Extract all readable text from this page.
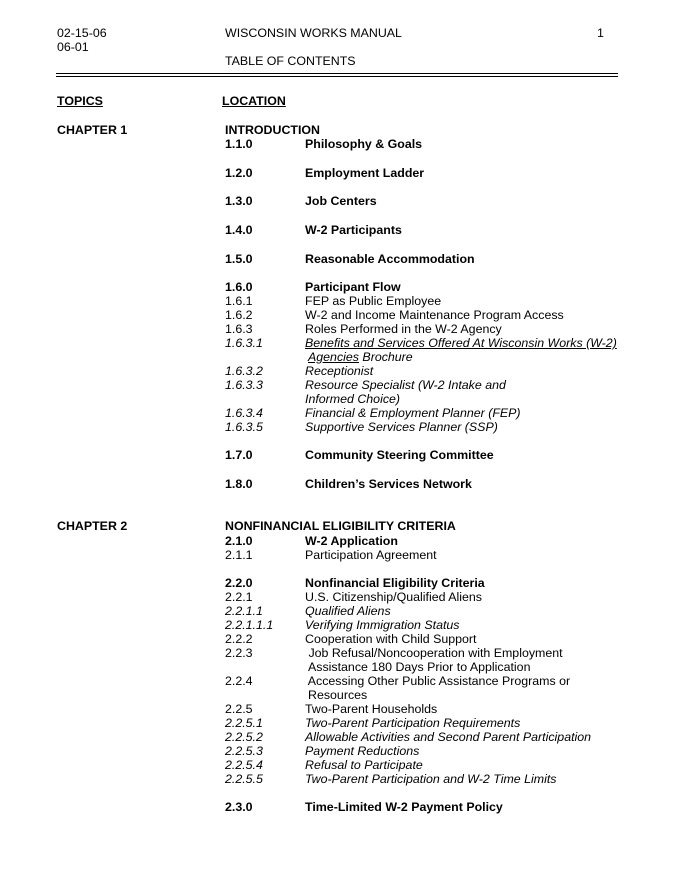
02-15-06
06-01
WISCONSIN WORKS MANUAL	1
TABLE OF CONTENTS
TOPICS	LOCATION
CHAPTER 1	INTRODUCTION
1.1.0	Philosophy & Goals
1.2.0	Employment Ladder
1.3.0	Job Centers
1.4.0	W-2 Participants
1.5.0	Reasonable Accommodation
1.6.0	Participant Flow
1.6.1	FEP as Public Employee
1.6.2	W-2 and Income Maintenance Program Access
1.6.3	Roles Performed in the W-2 Agency
1.6.3.1	Benefits and Services Offered At Wisconsin Works (W-2)
Agencies Brochure
1.6.3.2	Receptionist
1.6.3.3	Resource Specialist (W-2 Intake and
Informed Choice)
1.6.3.4	Financial & Employment Planner (FEP)
1.6.3.5	Supportive Services Planner (SSP)
1.7.0	Community Steering Committee
1.8.0	Children’s Services Network
CHAPTER 2	NONFINANCIAL ELIGIBILITY CRITERIA
2.1.0	W-2 Application
2.1.1	Participation Agreement
2.2.0	Nonfinancial Eligibility Criteria
2.2.1	U.S. Citizenship/Qualified Aliens
2.2.1.1	Qualified Aliens
2.2.1.1.1	Verifying Immigration Status
2.2.2	Cooperation with Child Support
2.2.3	Job Refusal/Noncooperation with Employment
Assistance 180 Days Prior to Application
2.2.4	Accessing Other Public Assistance Programs or
Resources
2.2.5	Two-Parent Households
2.2.5.1	Two-Parent Participation Requirements
2.2.5.2	Allowable Activities and Second Parent Participation
2.2.5.3	Payment Reductions
2.2.5.4	Refusal to Participate
2.2.5.5	Two-Parent Participation and W-2 Time Limits
2.3.0	Time-Limited W-2 Payment Policy
